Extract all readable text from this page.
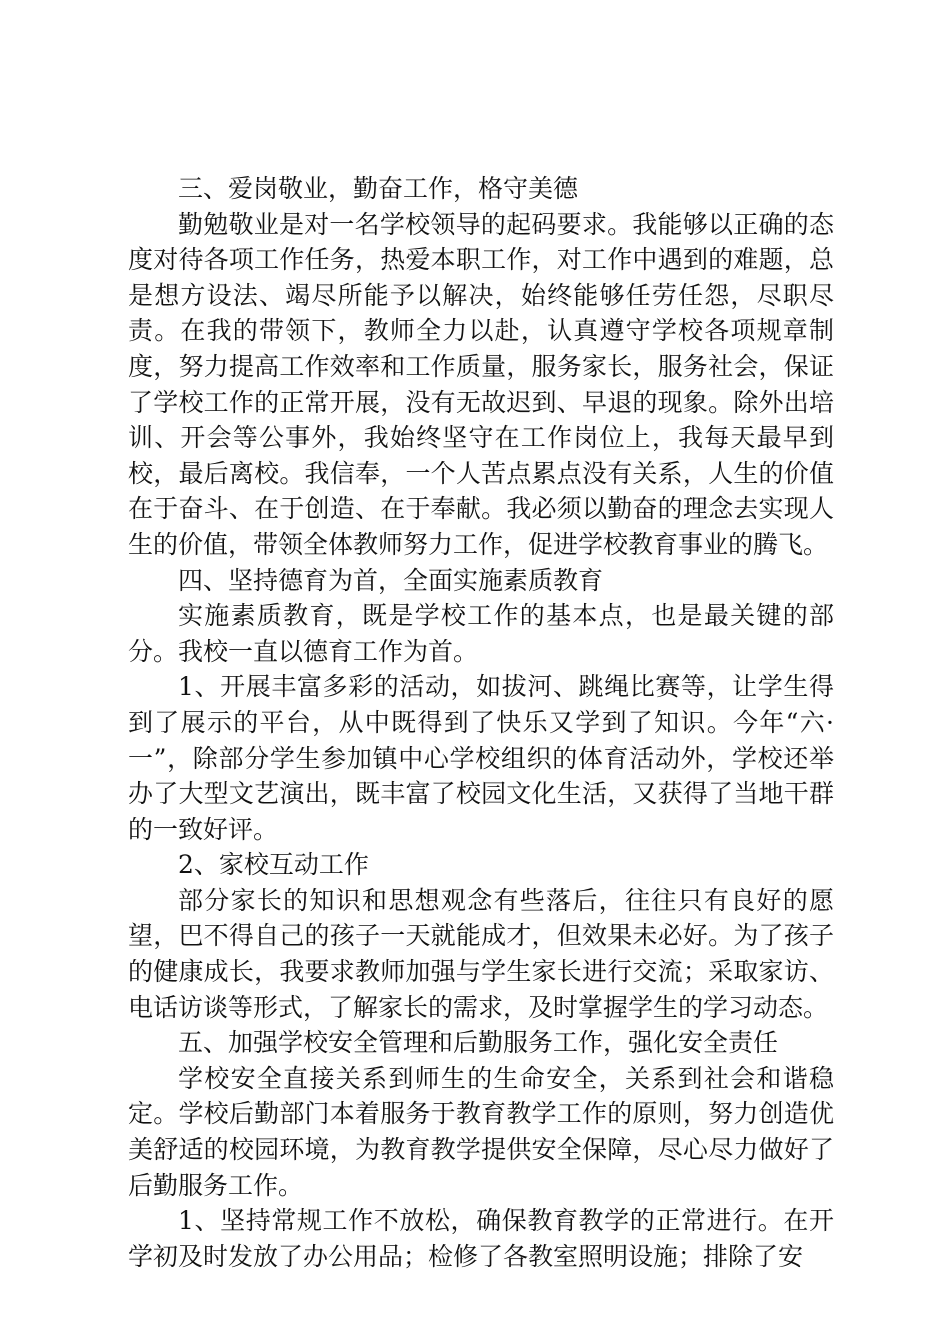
三、爱岗敬业，勤奋工作，格守美德

勤勉敬业是对一名学校领导的起码要求。我能够以正确的态度对待各项工作任务，热爱本职工作，对工作中遇到的难题，总是想方设法、竭尽所能予以解决，始终能够任劳任怨，尽职尽责。在我的带领下，教师全力以赴，认真遵守学校各项规章制度，努力提高工作效率和工作质量，服务家长，服务社会，保证了学校工作的正常开展，没有无故迟到、早退的现象。除外出培训、开会等公事外，我始终坚守在工作岗位上，我每天最早到校，最后离校。我信奉，一个人苦点累点没有关系，人生的价值在于奋斗、在于创造、在于奉献。我必须以勤奋的理念去实现人生的价值，带领全体教师努力工作，促进学校教育事业的腾飞。

四、坚持德育为首，全面实施素质教育

实施素质教育，既是学校工作的基本点，也是最关键的部分。我校一直以德育工作为首。

1、开展丰富多彩的活动，如拔河、跳绳比赛等，让学生得到了展示的平台，从中既得到了快乐又学到了知识。今年“六·一”，除部分学生参加镇中心学校组织的体育活动外，学校还举办了大型文艺演出，既丰富了校园文化生活，又获得了当地干群的一致好评。

2、家校互动工作

部分家长的知识和思想观念有些落后，往往只有良好的愿望，巴不得自己的孩子一天就能成才，但效果未必好。为了孩子的健康成长，我要求教师加强与学生家长进行交流；采取家访、电话访谈等形式，了解家长的需求，及时掌握学生的学习动态。

五、加强学校安全管理和后勤服务工作，强化安全责任

学校安全直接关系到师生的生命安全，关系到社会和谐稳定。学校后勤部门本着服务于教育教学工作的原则，努力创造优美舒适的校园环境，为教育教学提供安全保障，尽心尽力做好了后勤服务工作。

1、坚持常规工作不放松，确保教育教学的正常进行。在开学初及时发放了办公用品；检修了各教室照明设施；排除了安
